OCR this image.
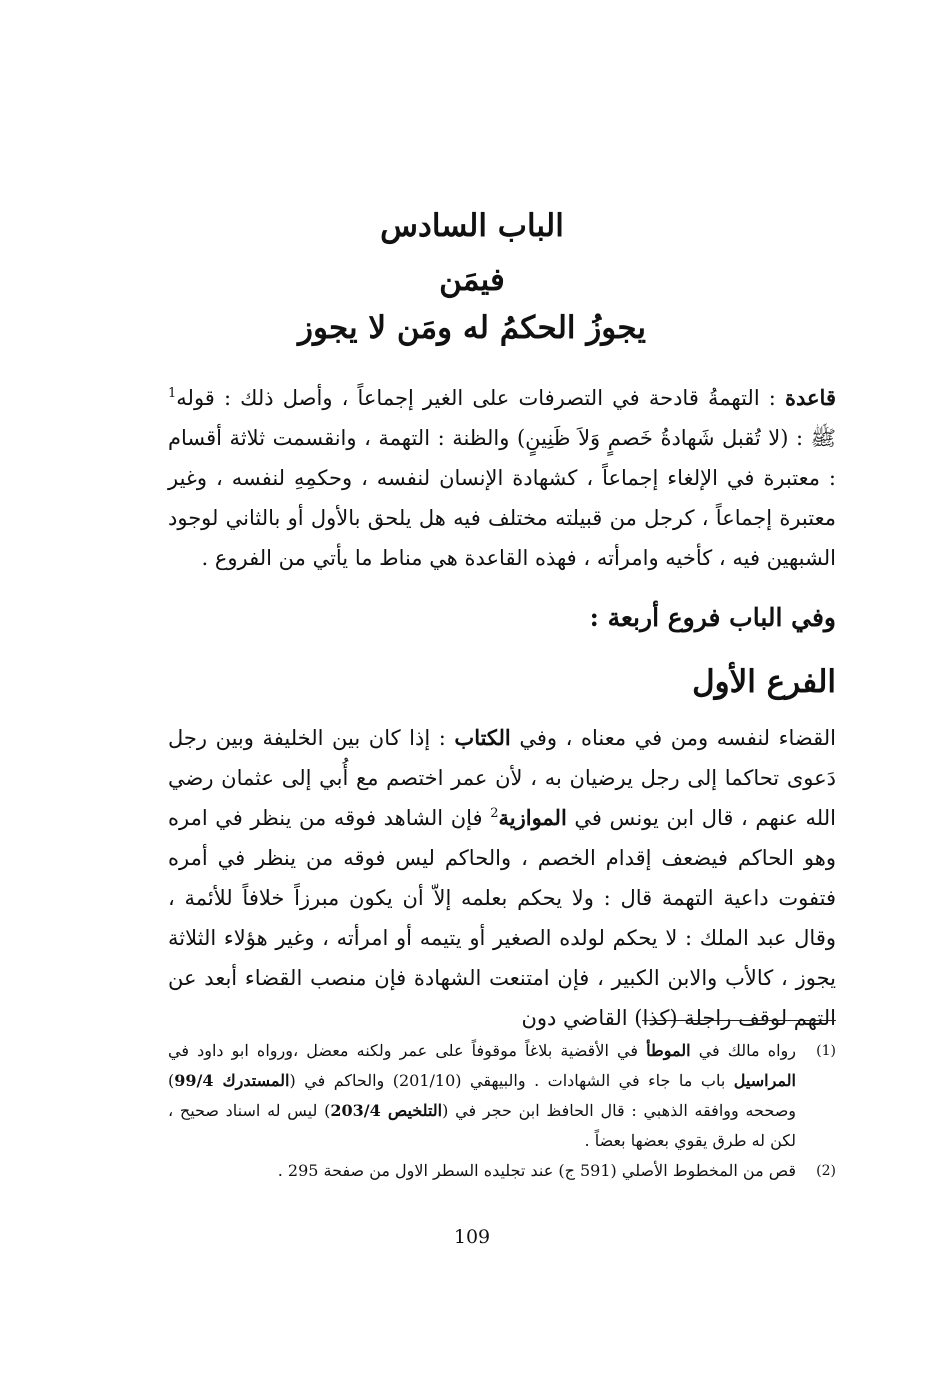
الباب السادس
فيمَن
يجوزُ الحكمُ له ومَن لا يجوز

قاعدة : التهمةُ قادحة في التصرفات على الغير إجماعاً ، وأصل ذلك : قوله$^1$ ﷺ : (لا تُقبل شَهادةُ خَصمٍ وَلاَ ظَنِينٍ) والظنة : التهمة ، وانقسمت ثلاثة أقسام : معتبرة في الإلغاء إجماعاً ، كشهادة الإنسان لنفسه ، وحكمِهِ لنفسه ، وغير معتبرة إجماعاً ، كرجل من قبيلته مختلف فيه هل يلحق بالأول أو بالثاني لوجود الشبهين فيه ، كأخيه وامرأته ، فهذه القاعدة هي مناط ما يأتي من الفروع .

وفي الباب فروع أربعة :
الفرع الأول

القضاء لنفسه ومن في معناه ، وفي الكتاب : إذا كان بين الخليفة وبين رجل دَعوى تحاكما إلى رجل يرضيان به ، لأن عمر اختصم مع أُبي إلى عثمان رضي الله عنهم ، قال ابن يونس في الموازية$^2$ فإن الشاهد فوقه من ينظر في امره وهو الحاكم فيضعف إقدام الخصم ، والحاكم ليس فوقه من ينظر في أمره فتفوت داعية التهمة قال : ولا يحكم بعلمه إلاّ أن يكون مبرزاً خلافاً للأئمة ، وقال عبد الملك : لا يحكم لولده الصغير أو يتيمه أو امرأته ، وغير هؤلاء الثلاثة يجوز ، كالأب والابن الكبير ، فإن امتنعت الشهادة فإن منصب القضاء أبعد عن التهم لوقف راجلة (كذا) القاضي دون

(1)
رواه مالك في الموطأ في الأقضية بلاغاً موقوفاً على عمر ولكنه معضل ،ورواه ابو داود في المراسيل باب ما جاء في الشهادات . والبيهقي (201/10) والحاكم في (المستدرك 99/4) وصححه ووافقه الذهبي : قال الحافظ ابن حجر في (التلخيص 203/4) ليس له اسناد صحيح ، لكن له طرق يقوي بعضها بعضاً .
(2)
قص من المخطوط الأصلي (591 ج) عند تجليده السطر الاول من صفحة 295 .

109
